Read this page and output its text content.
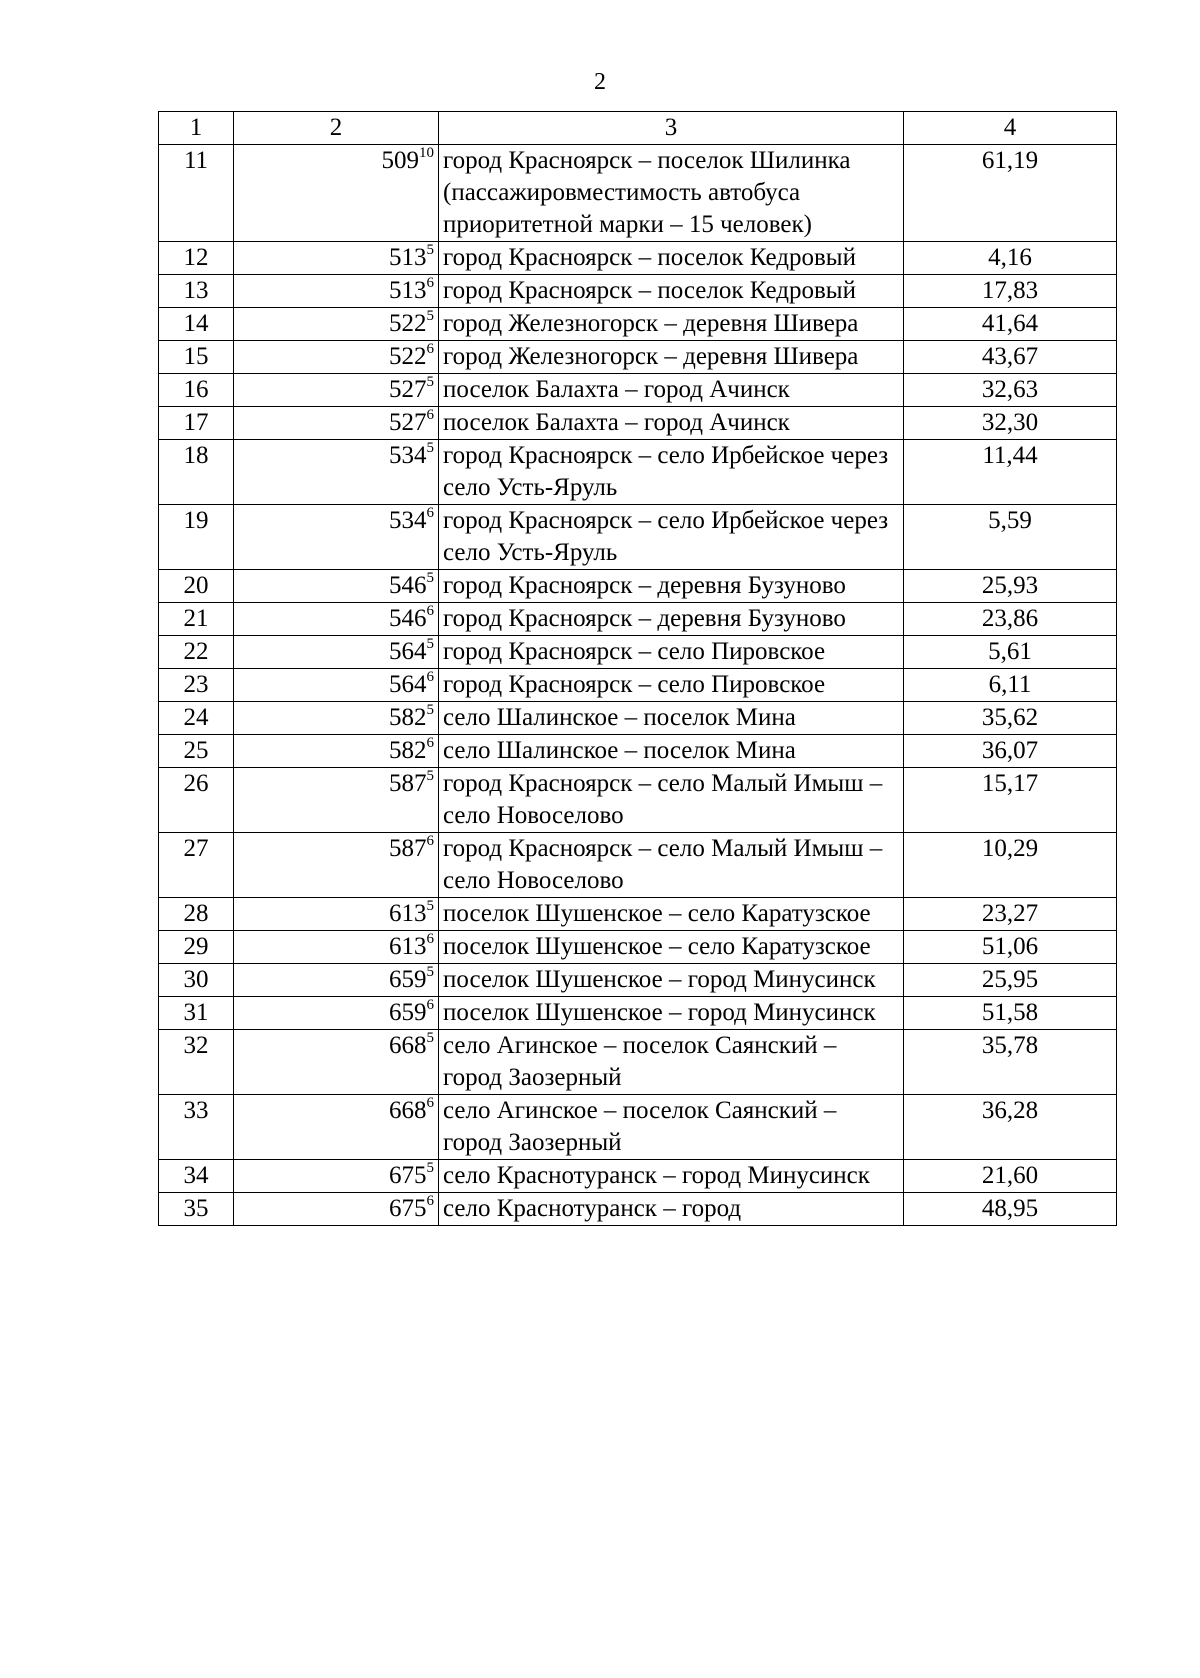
2
1	2	3	4
11	$509^{10}$	город Красноярск – поселок Шилинка (пассажировместимость автобуса приоритетной марки – 15 человек)	61,19
12	$513^5$	город Красноярск – поселок Кедровый	4,16
13	$513^6$	город Красноярск – поселок Кедровый	17,83
14	$522^5$	город Железногорск – деревня Шивера	41,64
15	$522^6$	город Железногорск – деревня Шивера	43,67
16	$527^5$	поселок Балахта – город Ачинск	32,63
17	$527^6$	поселок Балахта – город Ачинск	32,30
18	$534^5$	город Красноярск – село Ирбейское через село Усть-Яруль	11,44
19	$534^6$	город Красноярск – село Ирбейское через село Усть-Яруль	5,59
20	$546^5$	город Красноярск – деревня Бузуново	25,93
21	$546^6$	город Красноярск – деревня Бузуново	23,86
22	$564^5$	город Красноярск – село Пировское	5,61
23	$564^6$	город Красноярск – село Пировское	6,11
24	$582^5$	село Шалинское – поселок Мина	35,62
25	$582^6$	село Шалинское – поселок Мина	36,07
26	$587^5$	город Красноярск – село Малый Имыш – село Новоселово	15,17
27	$587^6$	город Красноярск – село Малый Имыш – село Новоселово	10,29
28	$613^5$	поселок Шушенское – село Каратузское	23,27
29	$613^6$	поселок Шушенское – село Каратузское	51,06
30	$659^5$	поселок Шушенское – город Минусинск	25,95
31	$659^6$	поселок Шушенское – город Минусинск	51,58
32	$668^5$	село Агинское – поселок Саянский – город Заозерный	35,78
33	$668^6$	село Агинское – поселок Саянский – город Заозерный	36,28
34	$675^5$	село Краснотуранск – город Минусинск	21,60
35	$675^6$	село Краснотуранск – город	48,95
